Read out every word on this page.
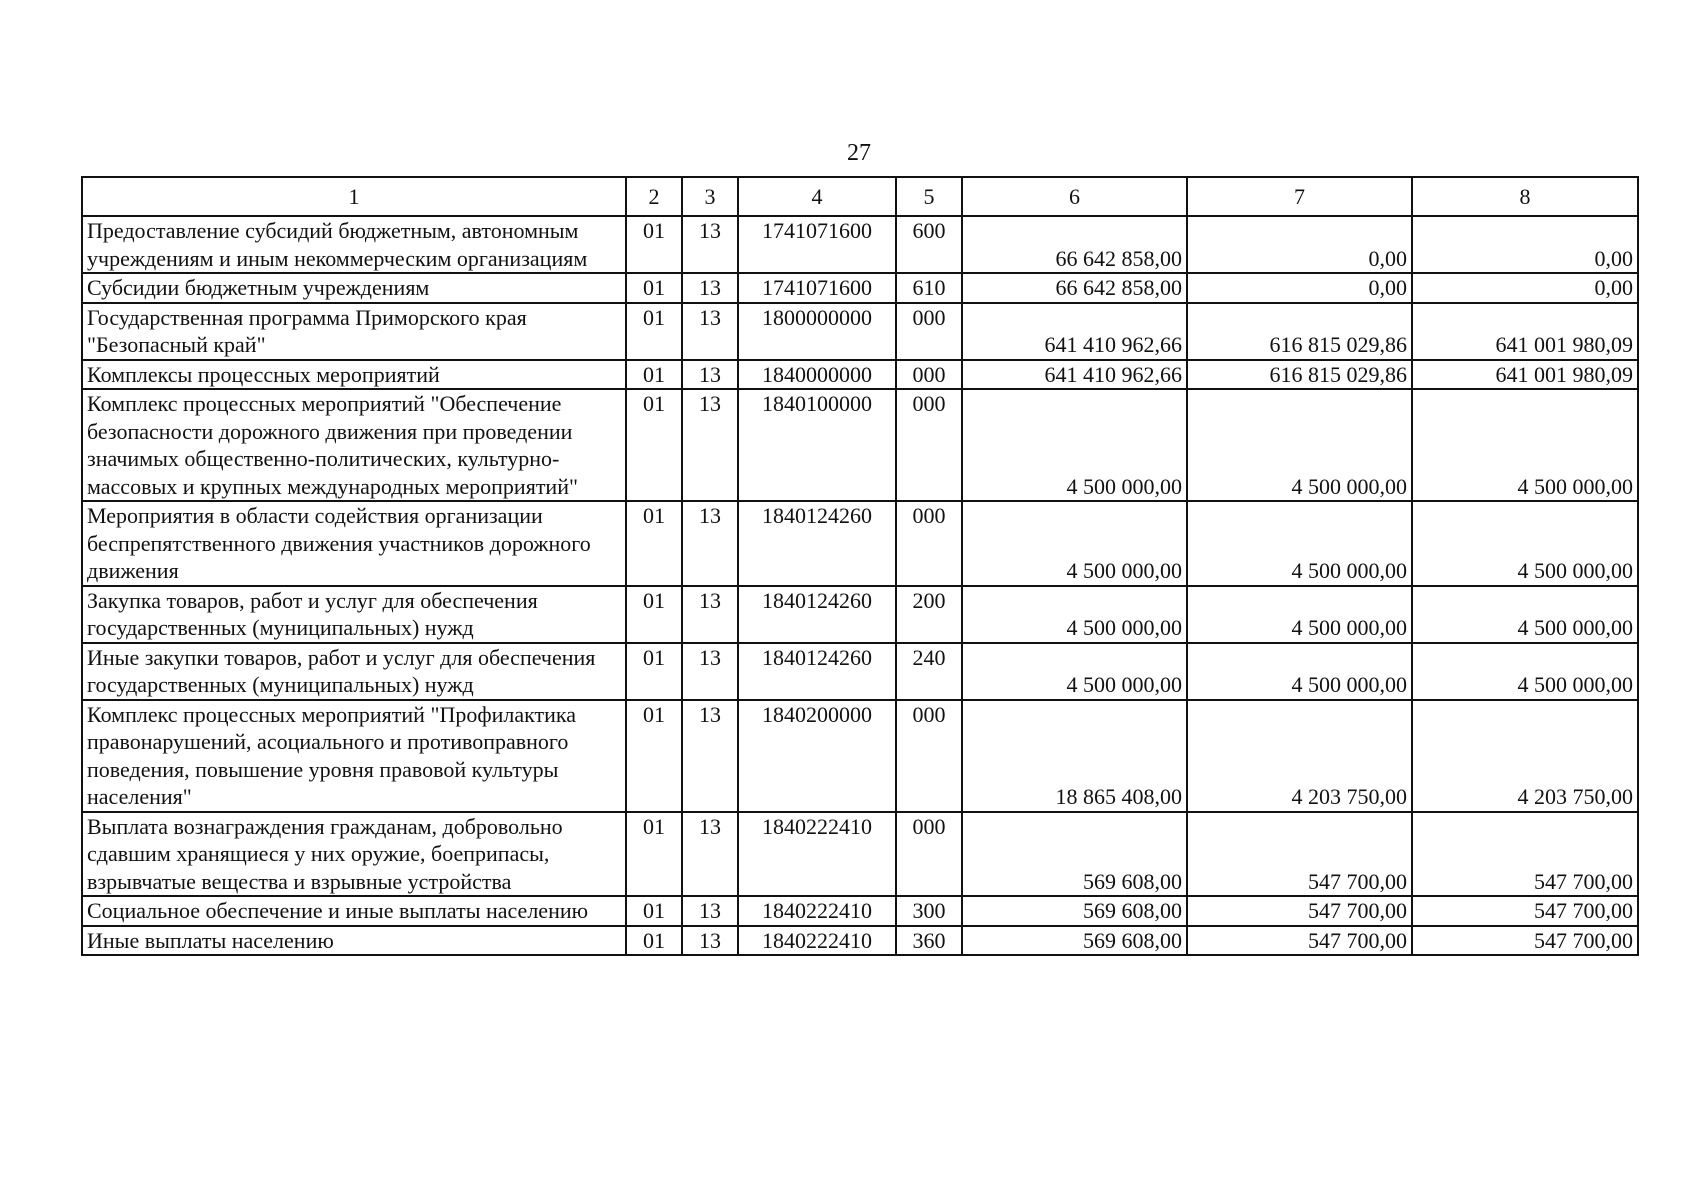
27
1	2	3	4	5	6	7	8
Предоставление субсидий бюджетным, автономным учреждениям и иным некоммерческим организациям	01	13	1741071600	600	66 642 858,00	0,00	0,00
Субсидии бюджетным учреждениям	01	13	1741071600	610	66 642 858,00	0,00	0,00
Государственная программа Приморского края "Безопасный край"	01	13	1800000000	000	641 410 962,66	616 815 029,86	641 001 980,09
Комплексы процессных мероприятий	01	13	1840000000	000	641 410 962,66	616 815 029,86	641 001 980,09
Комплекс процессных мероприятий "Обеспечение безопасности дорожного движения при проведении значимых общественно-политических, культурно-массовых и крупных международных мероприятий"	01	13	1840100000	000	4 500 000,00	4 500 000,00	4 500 000,00
Мероприятия в области содействия организации беспрепятственного движения участников дорожного движения	01	13	1840124260	000	4 500 000,00	4 500 000,00	4 500 000,00
Закупка товаров, работ и услуг для обеспечения государственных (муниципальных) нужд	01	13	1840124260	200	4 500 000,00	4 500 000,00	4 500 000,00
Иные закупки товаров, работ и услуг для обеспечения государственных (муниципальных) нужд	01	13	1840124260	240	4 500 000,00	4 500 000,00	4 500 000,00
Комплекс процессных мероприятий "Профилактика правонарушений, асоциального и противоправного поведения, повышение уровня правовой культуры населения"	01	13	1840200000	000	18 865 408,00	4 203 750,00	4 203 750,00
Выплата вознаграждения гражданам, добровольно сдавшим хранящиеся у них оружие, боеприпасы, взрывчатые вещества и взрывные устройства	01	13	1840222410	000	569 608,00	547 700,00	547 700,00
Социальное обеспечение и иные выплаты населению	01	13	1840222410	300	569 608,00	547 700,00	547 700,00
Иные выплаты населению	01	13	1840222410	360	569 608,00	547 700,00	547 700,00
